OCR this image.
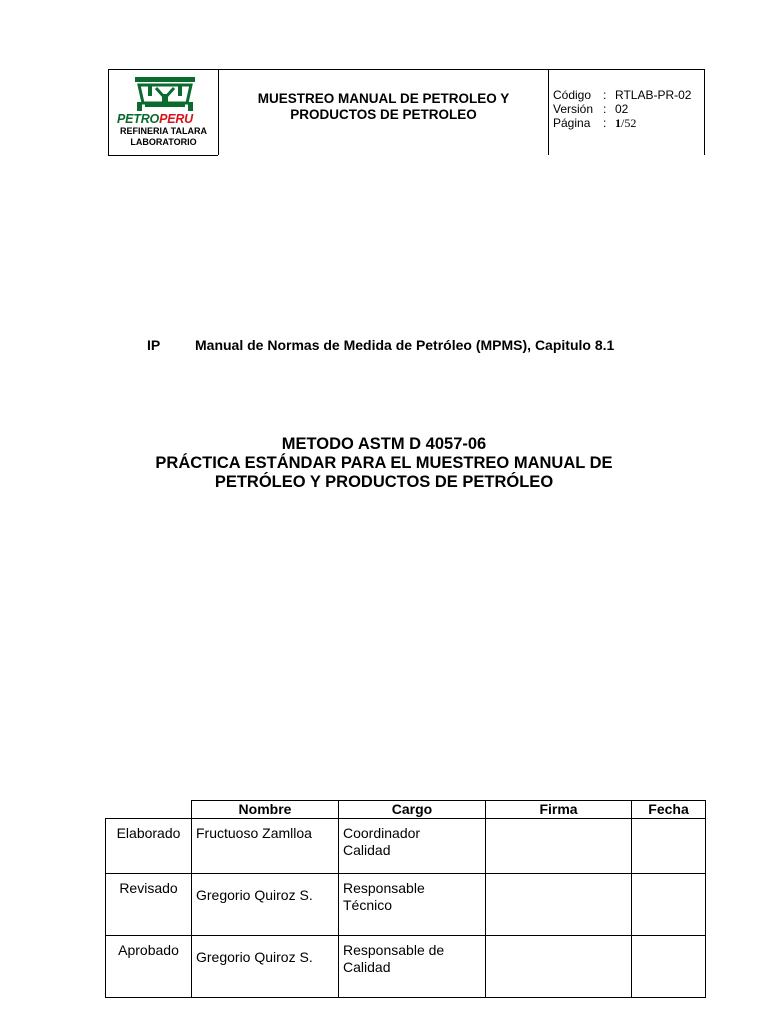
PETROPERU
REFINERIA TALARA
LABORATORIO
MUESTREO MANUAL DE PETROLEO Y
PRODUCTOS DE PETROLEO
Código : RTLAB-PR-02
Versión : 02
Página : 1/52
IP Manual de Normas de Medida de Petróleo (MPMS), Capitulo 8.1
METODO ASTM D 4057-06
PRÁCTICA ESTÁNDAR PARA EL MUESTREO MANUAL DE
PETRÓLEO Y PRODUCTOS DE PETRÓLEO
	Nombre	Cargo	Firma	Fecha
Elaborado	Fructuoso Zamlloa	Coordinador
Calidad		
Revisado	Gregorio Quiroz S.	Responsable
Técnico		
Aprobado	Gregorio Quiroz S.	Responsable de
Calidad		
